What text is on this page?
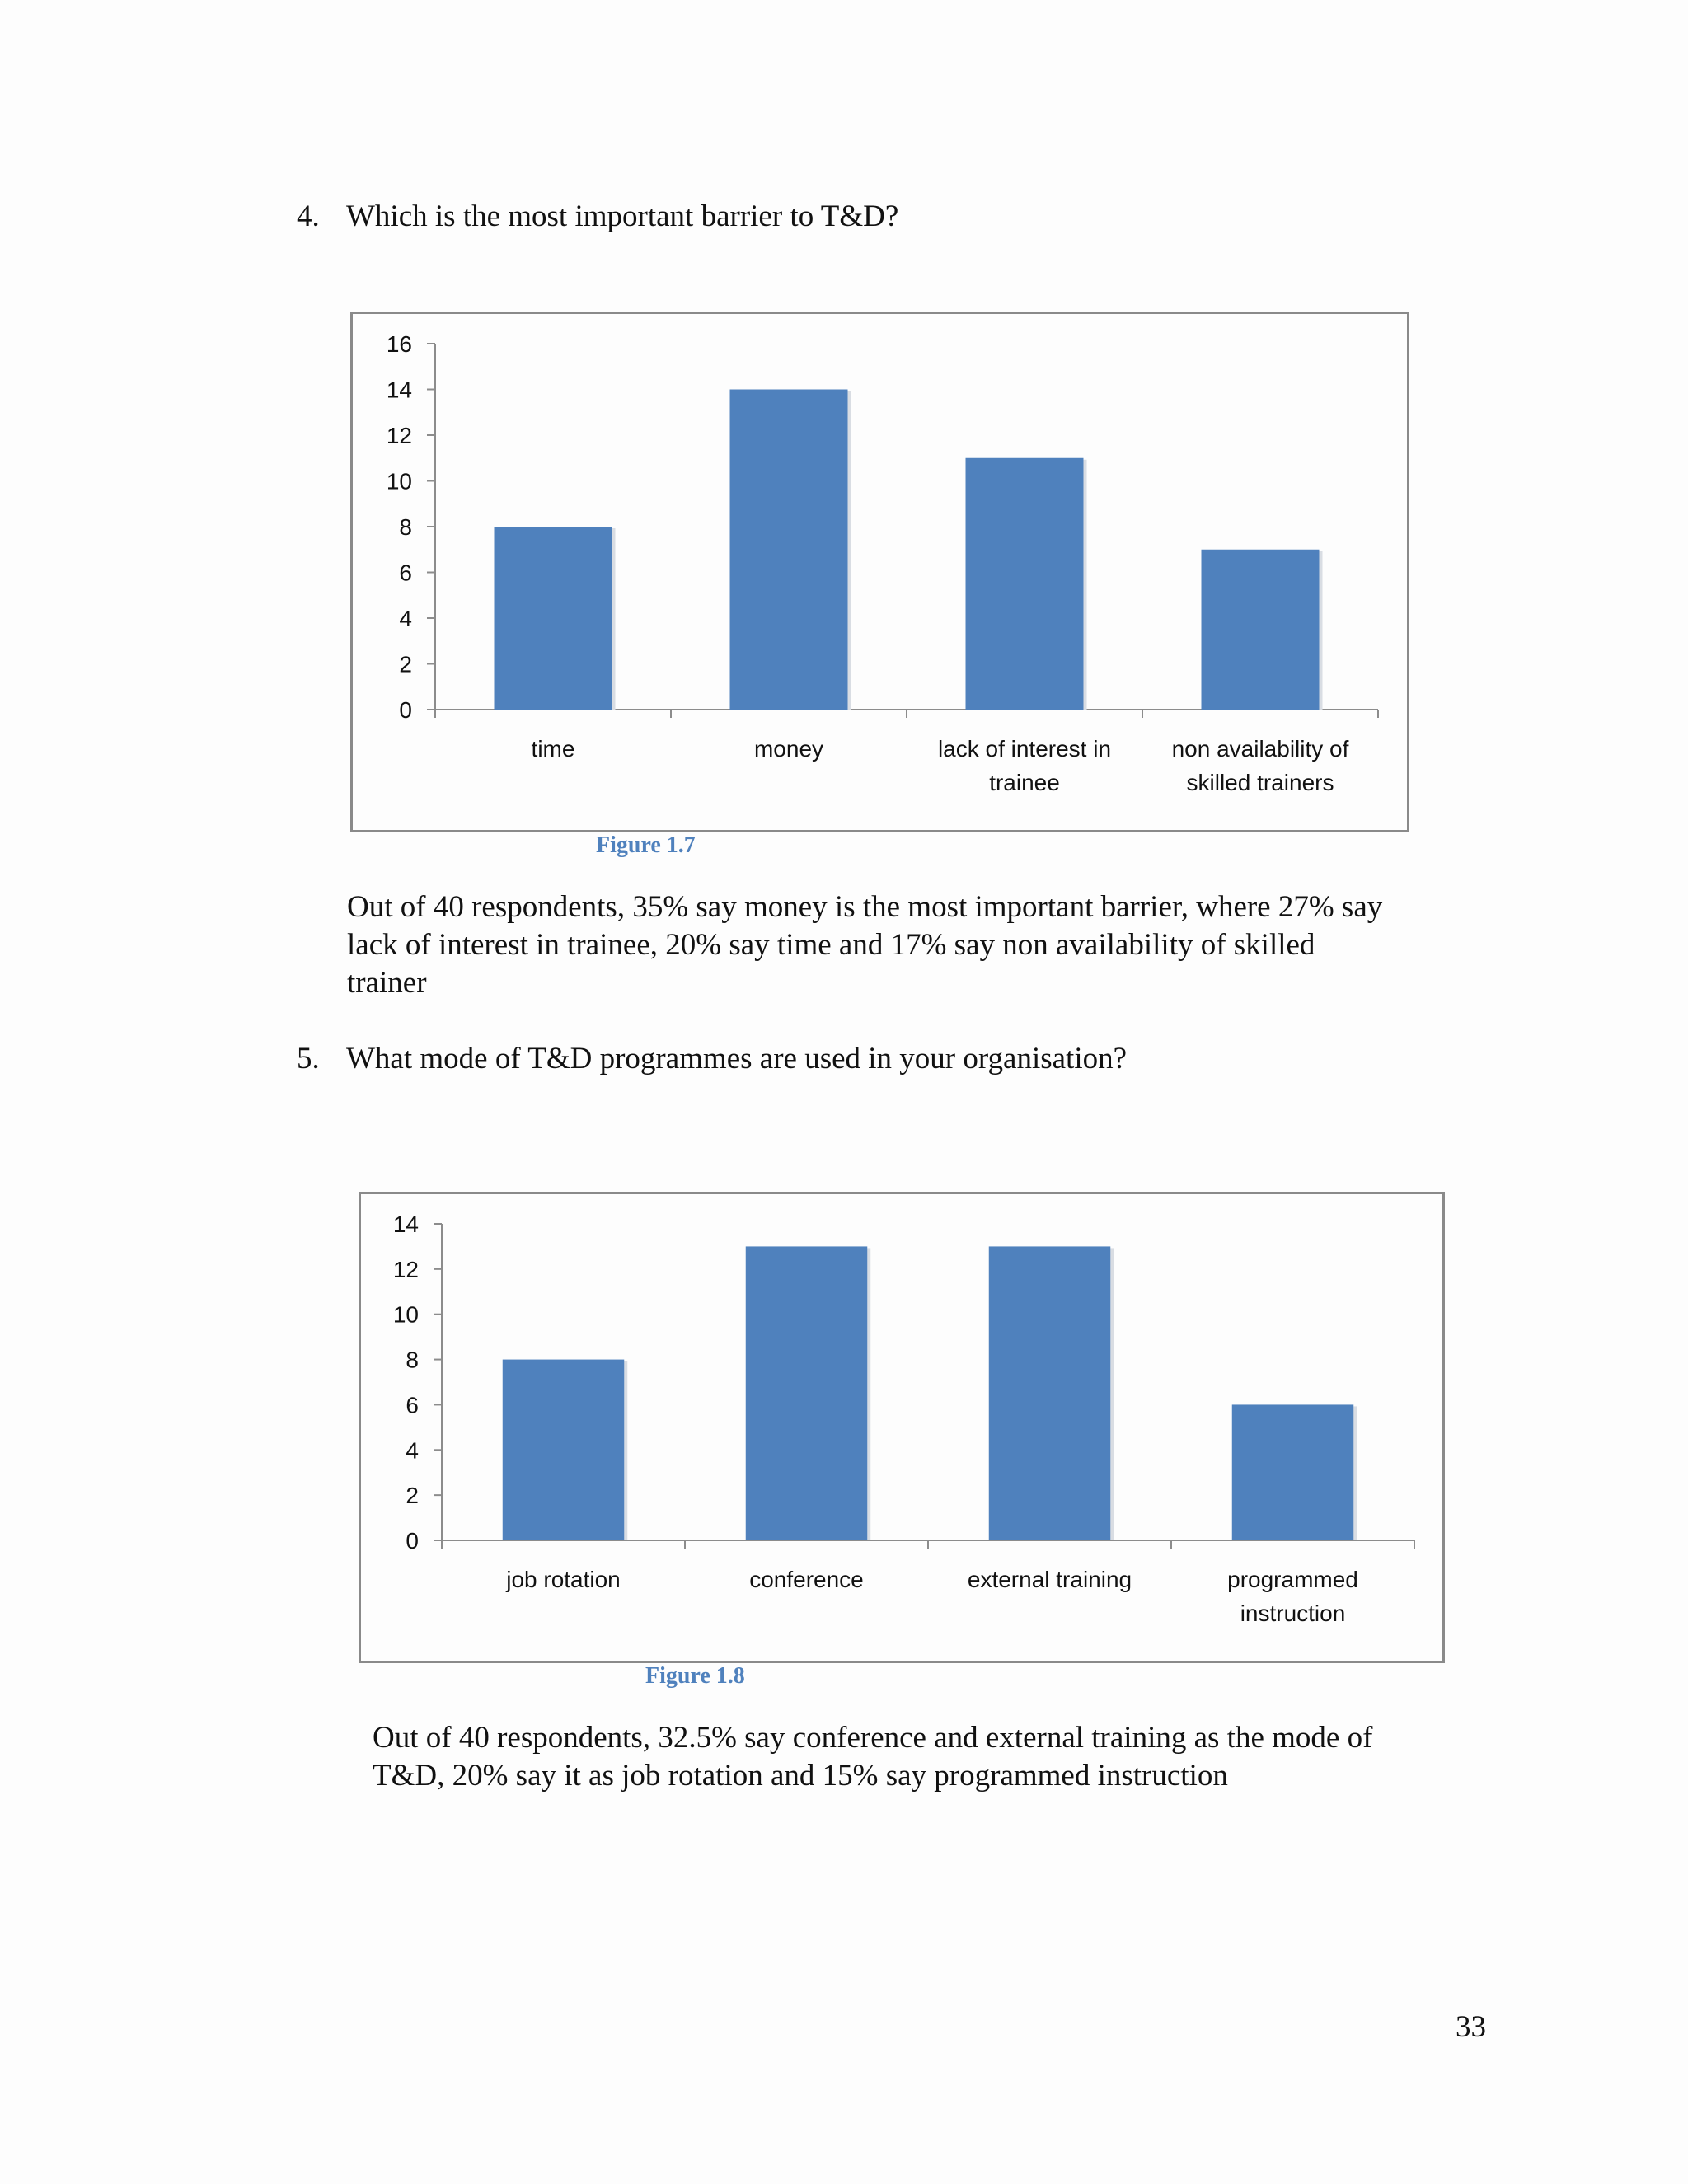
4. Which is the most important barrier to T&D?
0
2
4
6
8
10
12
14
16
time	money	lack of interest in trainee
non availability of skilled trainers
Figure 1.7
Out of 40 respondents, 35% say money is the most important barrier, where 27% say
lack of interest in trainee, 20% say time and 17% say non availability of skilled
trainer
5. What mode of T&D programmes are used in your organisation?
0
2
4
6
8
10
12
14
job rotation	conference	external training	programmed instruction
Figure 1.8
Out of 40 respondents, 32.5% say conference and external training as the mode of
T&D, 20% say it as job rotation and 15% say programmed instruction
33
